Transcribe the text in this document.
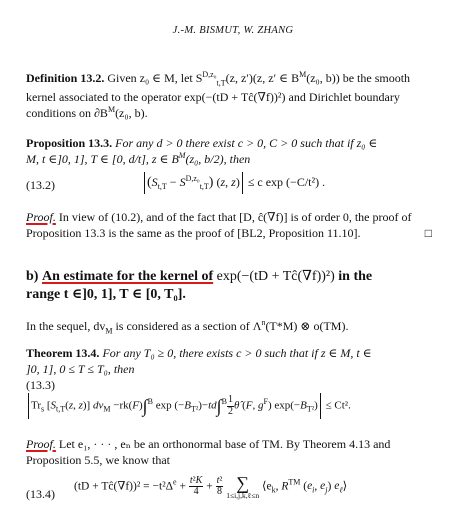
J.-M. BISMUT, W. ZHANG
Definition 13.2. Given z₀ ∈ M, let $S^{D,z_0}_{t,T}(z$, z′)(z, z′ ∈ $B^M(z_0$, b)) be the smooth
kernel associated to the operator exp(−(tD + Tĉ(∇f))²) and Dirichlet boundary
conditions on $\partial B^M(z_0$, b).
Proposition 13.3. For any d > 0 there exist c > 0, C > 0 such that if z₀ ∈
M, t ∈]0, 1], T ∈ [0, d/t], z ∈ $B^M(z_0$, b/2), then
(13.2)	$(S_{t,T} - S^{D,z_0}_{t,T})$ (z, z) ≤ c exp (−C/t²) .
Proof. In view of (10.2), and of the fact that [D, ĉ(∇f)] is of order 0, the proof of
Proposition 13.3 is the same as the proof of [BL2, Proposition 11.10].	□
b) An estimate for the kernel of exp(−(tD + Tĉ(∇f))²) in the
range t ∈]0, 1], T ∈ [0, T₀].
In the sequel, $dv_M$ is considered as a section of $\Lambda^n(T*M)$ ⊗ o(TM).
Theorem 13.4. For any T₀ ≥ 0, there exists c > 0 such that if z ∈ M, t ∈
]0, 1], 0 ≤ T ≤ T₀, then
(13.3)
$Tr_s$ [$S_{t,T}(z$, z)] $dv_M -rk(F)\int^B$ $\exp (-B_{T^2})-td\int^B \frac{1}{2}$ θ̂ (F, $g^F$) $\exp(-B_{T^2}) \le Ct^2$.
Proof. Let e₁, · · · , eₙ be an orthonormal base of TM. By Theorem 4.13 and
Proposition 5.5, we know that
(13.4)
(tD + Tĉ(∇f))² = $-t^2\Delta^e + \frac{\text{t²K}}{4} + \frac{\text{t²}}{8}$
∑
1≤i,j,k,ℓ≤n
$⟨e_k$, R™ ($e_i$, $e_j$) $e_\ell⟩$
